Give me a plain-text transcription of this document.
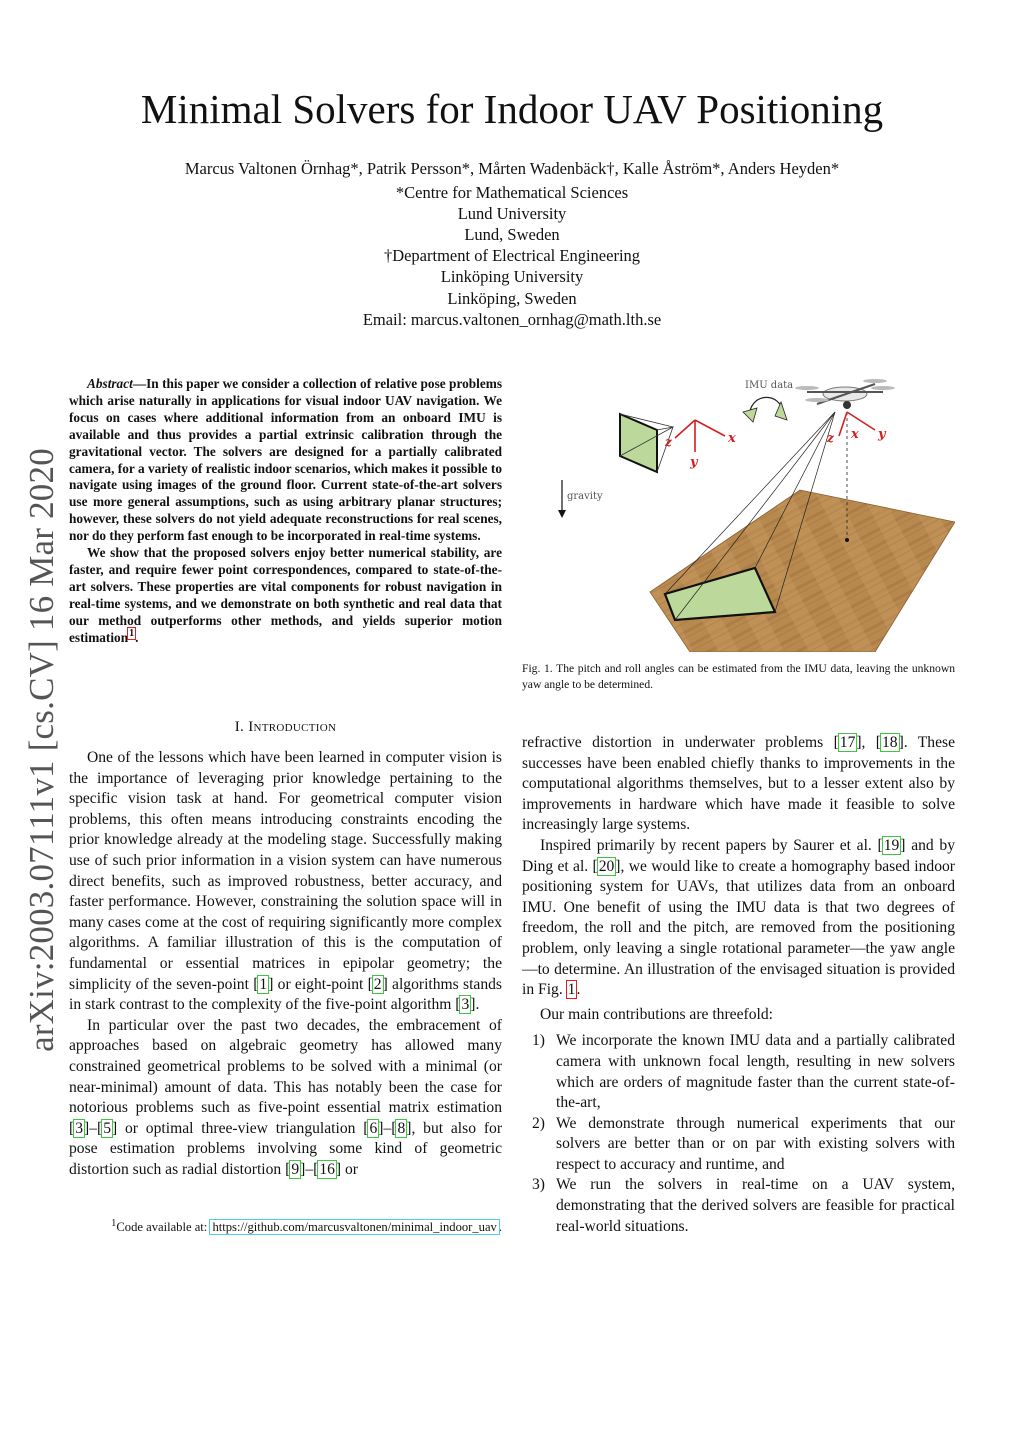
Minimal Solvers for Indoor UAV Positioning
Marcus Valtonen Örnhag*, Patrik Persson*, Mårten Wadenbäck†, Kalle Åström*, Anders Heyden*
*Centre for Mathematical Sciences
Lund University
Lund, Sweden
†Department of Electrical Engineering
Linköping University
Linköping, Sweden
Email: marcus.valtonen_ornhag@math.lth.se
arXiv:2003.07111v1 [cs.CV] 16 Mar 2020

Abstract—In this paper we consider a collection of relative pose problems which arise naturally in applications for visual indoor UAV navigation. We focus on cases where additional information from an onboard IMU is available and thus provides a partial extrinsic calibration through the gravitational vector. The solvers are designed for a partially calibrated camera, for a variety of realistic indoor scenarios, which makes it possible to navigate using images of the ground floor. Current state-of-the-art solvers use more general assumptions, such as using arbitrary planar structures; however, these solvers do not yield adequate reconstructions for real scenes, nor do they perform fast enough to be incorporated in real-time systems.

We show that the proposed solvers enjoy better numerical stability, are faster, and require fewer point correspondences, compared to state-of-the-art solvers. These properties are vital components for robust navigation in real-time systems, and we demonstrate on both synthetic and real data that our method outperforms other methods, and yields superior motion estimation$^1$.

I. Introduction

One of the lessons which have been learned in computer vision is the importance of leveraging prior knowledge pertaining to the specific vision task at hand. For geometrical computer vision problems, this often means introducing constraints encoding the prior knowledge already at the modeling stage. Successfully making use of such prior information in a vision system can have numerous direct benefits, such as improved robustness, better accuracy, and faster performance. However, constraining the solution space will in many cases come at the cost of requiring significantly more complex algorithms. A familiar illustration of this is the computation of fundamental or essential matrices in epipolar geometry; the simplicity of the seven-point [1] or eight-point [2] algorithms stands in stark contrast to the complexity of the five-point algorithm [3].

In particular over the past two decades, the embracement of approaches based on algebraic geometry has allowed many constrained geometrical problems to be solved with a minimal (or near-minimal) amount of data. This has notably been the case for notorious problems such as five-point essential matrix estimation [3]–[5] or optimal three-view triangulation [6]–[8], but also for pose estimation problems involving some kind of geometric distortion such as radial distortion [9]–[16] or

$^1$Code available at: https://github.com/marcusvaltonen/minimal_indoor_uav .
x
y
z	y
x
z
IMU data
gravity
Fig. 1. The pitch and roll angles can be estimated from the IMU data, leaving the unknown yaw angle to be determined.

refractive distortion in underwater problems [17], [18]. These successes have been enabled chiefly thanks to improvements in the computational algorithms themselves, but to a lesser extent also by improvements in hardware which have made it feasible to solve increasingly large systems.

Inspired primarily by recent papers by Saurer et al. [19] and by Ding et al. [20], we would like to create a homography based indoor positioning system for UAVs, that utilizes data from an onboard IMU. One benefit of using the IMU data is that two degrees of freedom, the roll and the pitch, are removed from the positioning problem, only leaving a single rotational parameter—the yaw angle—to determine. An illustration of the envisaged situation is provided in Fig. 1.

Our main contributions are threefold:

1) We incorporate the known IMU data and a partially calibrated camera with unknown focal length, resulting in new solvers which are orders of magnitude faster than the current state-of-the-art,
2) We demonstrate through numerical experiments that our solvers are better than or on par with existing solvers with respect to accuracy and runtime, and
3) We run the solvers in real-time on a UAV system, demonstrating that the derived solvers are feasible for practical real-world situations.
